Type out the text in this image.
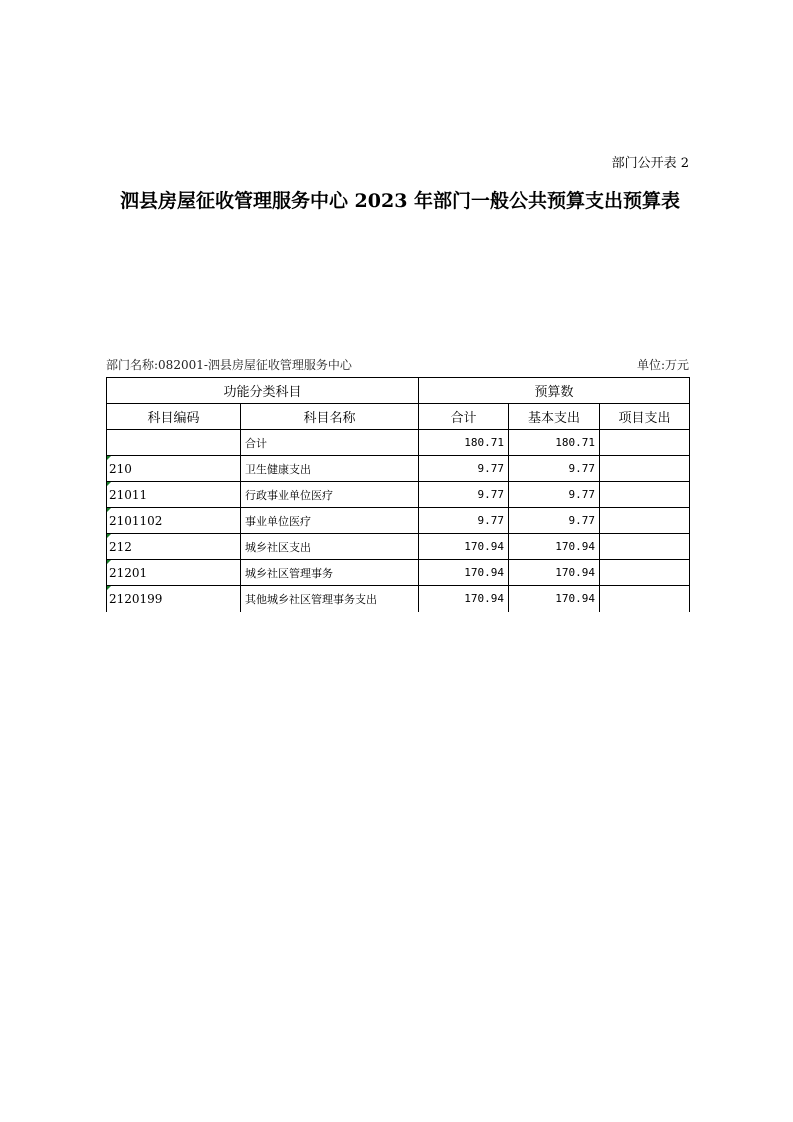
部门公开表 2
泗县房屋征收管理服务中心 2023 年部门一般公共预算支出预算表
部门名称:082001-泗县房屋征收管理服务中心	单位:万元
功能分类科目		预算数		
科目编码	科目名称	合计	基本支出	项目支出
	合计	180.71	180.71	
210	卫生健康支出	9.77	9.77	
21011	行政事业单位医疗	9.77	9.77	
2101102	事业单位医疗	9.77	9.77	
212	城乡社区支出	170.94	170.94	
21201	城乡社区管理事务	170.94	170.94	
2120199	其他城乡社区管理事务支出	170.94	170.94	
